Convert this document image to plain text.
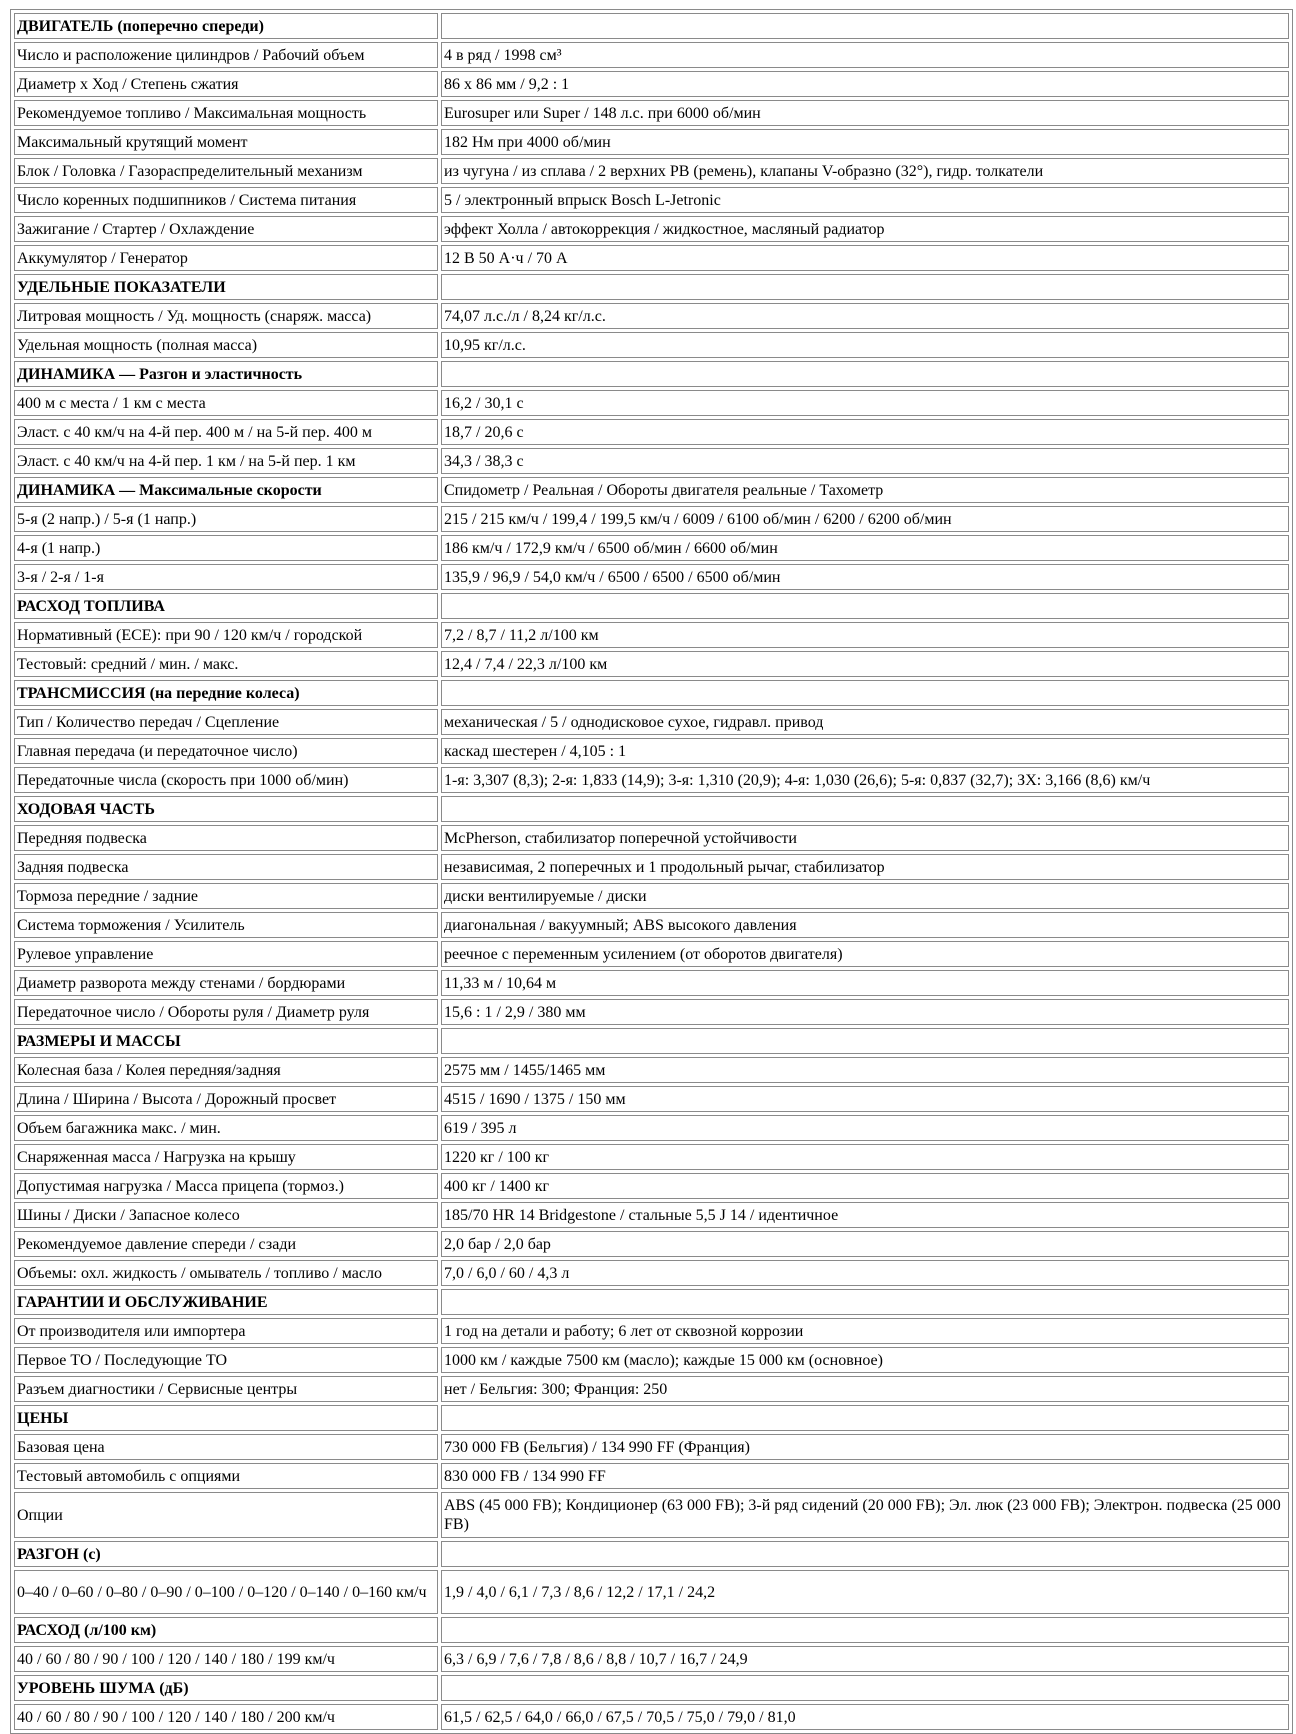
ДВИГАТЕЛЬ (поперечно спереди)	
Число и расположение цилиндров / Рабочий объем	4 в ряд / 1998 см³
Диаметр x Ход / Степень сжатия	86 x 86 мм / 9,2 : 1
Рекомендуемое топливо / Максимальная мощность	Eurosuper или Super / 148 л.с. при 6000 об/мин
Максимальный крутящий момент	182 Нм при 4000 об/мин
Блок / Головка / Газораспределительный механизм	из чугуна / из сплава / 2 верхних РВ (ремень), клапаны V-образно (32°), гидр. толкатели
Число коренных подшипников / Система питания	5 / электронный впрыск Bosch L-Jetronic
Зажигание / Стартер / Охлаждение	эффект Холла / автокоррекция / жидкостное, масляный радиатор
Аккумулятор / Генератор	12 В 50 А·ч / 70 А
УДЕЛЬНЫЕ ПОКАЗАТЕЛИ	
Литровая мощность / Уд. мощность (снаряж. масса)	74,07 л.с./л / 8,24 кг/л.с.
Удельная мощность (полная масса)	10,95 кг/л.с.
ДИНАМИКА — Разгон и эластичность	
400 м с места / 1 км с места	16,2 / 30,1 с
Эласт. с 40 км/ч на 4-й пер. 400 м / на 5-й пер. 400 м	18,7 / 20,6 с
Эласт. с 40 км/ч на 4-й пер. 1 км / на 5-й пер. 1 км	34,3 / 38,3 с
ДИНАМИКА — Максимальные скорости	Спидометр / Реальная / Обороты двигателя реальные / Тахометр
5-я (2 напр.) / 5-я (1 напр.)	215 / 215 км/ч / 199,4 / 199,5 км/ч / 6009 / 6100 об/мин / 6200 / 6200 об/мин
4-я (1 напр.)	186 км/ч / 172,9 км/ч / 6500 об/мин / 6600 об/мин
3-я / 2-я / 1-я	135,9 / 96,9 / 54,0 км/ч / 6500 / 6500 / 6500 об/мин
РАСХОД ТОПЛИВА	
Нормативный (ECE): при 90 / 120 км/ч / городской	7,2 / 8,7 / 11,2 л/100 км
Тестовый: средний / мин. / макс.	12,4 / 7,4 / 22,3 л/100 км
ТРАНСМИССИЯ (на передние колеса)	
Тип / Количество передач / Сцепление	механическая / 5 / однодисковое сухое, гидравл. привод
Главная передача (и передаточное число)	каскад шестерен / 4,105 : 1
Передаточные числа (скорость при 1000 об/мин)	1-я: 3,307 (8,3); 2-я: 1,833 (14,9); 3-я: 1,310 (20,9); 4-я: 1,030 (26,6); 5-я: 0,837 (32,7); ЗХ: 3,166 (8,6) км/ч
ХОДОВАЯ ЧАСТЬ	
Передняя подвеска	McPherson, стабилизатор поперечной устойчивости
Задняя подвеска	независимая, 2 поперечных и 1 продольный рычаг, стабилизатор
Тормоза передние / задние	диски вентилируемые / диски
Система торможения / Усилитель	диагональная / вакуумный; ABS высокого давления
Рулевое управление	реечное с переменным усилением (от оборотов двигателя)
Диаметр разворота между стенами / бордюрами	11,33 м / 10,64 м
Передаточное число / Обороты руля / Диаметр руля	15,6 : 1 / 2,9 / 380 мм
РАЗМЕРЫ И МАССЫ	
Колесная база / Колея передняя/задняя	2575 мм / 1455/1465 мм
Длина / Ширина / Высота / Дорожный просвет	4515 / 1690 / 1375 / 150 мм
Объем багажника макс. / мин.	619 / 395 л
Снаряженная масса / Нагрузка на крышу	1220 кг / 100 кг
Допустимая нагрузка / Масса прицепа (тормоз.)	400 кг / 1400 кг
Шины / Диски / Запасное колесо	185/70 HR 14 Bridgestone / стальные 5,5 J 14 / идентичное
Рекомендуемое давление спереди / сзади	2,0 бар / 2,0 бар
Объемы: охл. жидкость / омыватель / топливо / масло	7,0 / 6,0 / 60 / 4,3 л
ГАРАНТИИ И ОБСЛУЖИВАНИЕ	
От производителя или импортера	1 год на детали и работу; 6 лет от сквозной коррозии
Первое ТО / Последующие ТО	1000 км / каждые 7500 км (масло); каждые 15 000 км (основное)
Разъем диагностики / Сервисные центры	нет / Бельгия: 300; Франция: 250
ЦЕНЫ	
Базовая цена	730 000 FB (Бельгия) / 134 990 FF (Франция)
Тестовый автомобиль с опциями	830 000 FB / 134 990 FF
Опции	ABS (45 000 FB); Кондиционер (63 000 FB); 3-й ряд сидений (20 000 FB); Эл. люк (23 000 FB); Электрон. подвеска (25 000 FB)
РАЗГОН (с)	
0–40 / 0–60 / 0–80 / 0–90 / 0–100 / 0–120 / 0–140 / 0–160 км/ч	1,9 / 4,0 / 6,1 / 7,3 / 8,6 / 12,2 / 17,1 / 24,2
РАСХОД (л/100 км)	
40 / 60 / 80 / 90 / 100 / 120 / 140 / 180 / 199 км/ч	6,3 / 6,9 / 7,6 / 7,8 / 8,6 / 8,8 / 10,7 / 16,7 / 24,9
УРОВЕНЬ ШУМА (дБ)	
40 / 60 / 80 / 90 / 100 / 120 / 140 / 180 / 200 км/ч	61,5 / 62,5 / 64,0 / 66,0 / 67,5 / 70,5 / 75,0 / 79,0 / 81,0
